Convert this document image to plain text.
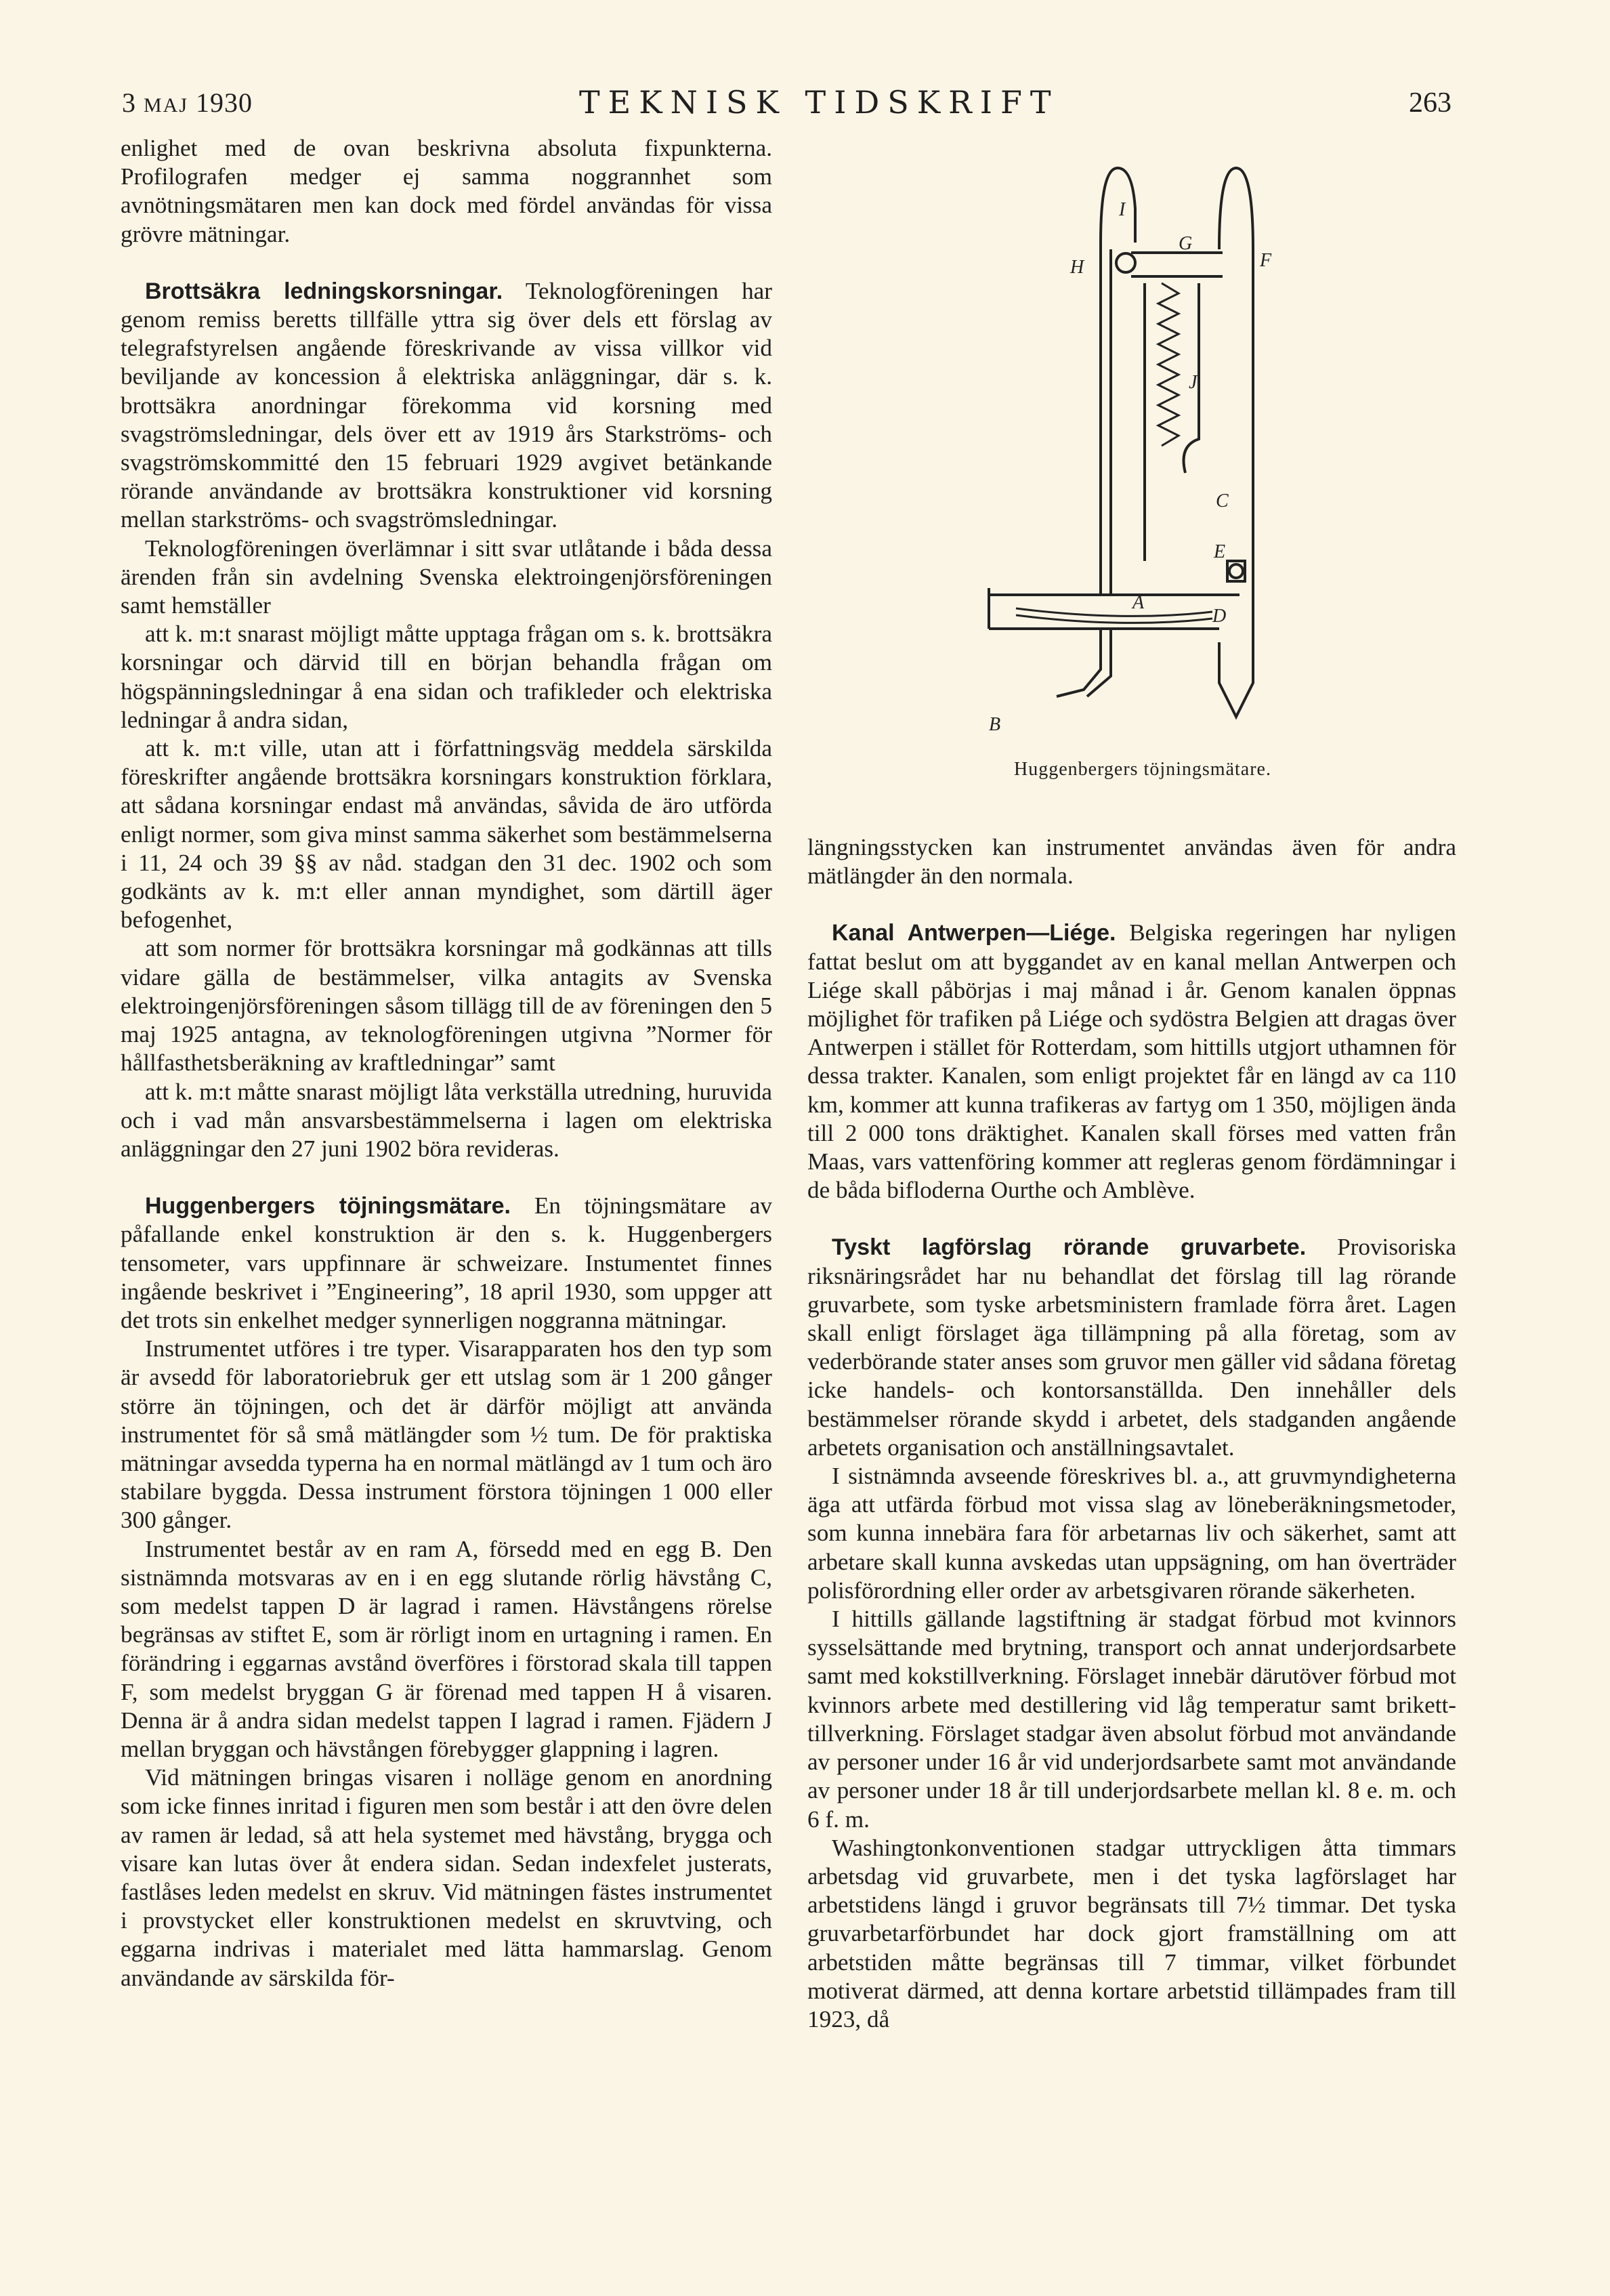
3 MAJ 1930	TEKNISK TIDSKRIFT	263

enlighet med de ovan beskrivna absoluta fixpunkterna. Profilografen medger ej samma noggrannhet som avnötningsmätaren men kan dock med fördel användas för vissa grövre mätningar.

Brottsäkra ledningskorsningar. Teknologföreningen har genom remiss beretts tillfälle yttra sig över dels ett förslag av telegrafstyrelsen angående föreskrivande av vissa villkor vid beviljande av koncession å elektriska anläggningar, där s. k. brottsäkra anordningar förekomma vid korsning med svagströmsledningar, dels över ett av 1919 års Starkströms- och svagströmskommitté den 15 februari 1929 avgivet betänkande rörande användande av brottsäkra konstruktioner vid korsning mellan starkströms- och svagströmsledningar.

Teknologföreningen överlämnar i sitt svar utlåtande i båda dessa ärenden från sin avdelning Svenska elektroingenjörsföreningen samt hemställer

att k. m:t snarast möjligt måtte upptaga frågan om s. k. brottsäkra korsningar och därvid till en början behandla frågan om högspänningsledningar å ena sidan och trafikleder och elektriska ledningar å andra sidan,

att k. m:t ville, utan att i författningsväg meddela särskilda föreskrifter angående brottsäkra korsningars konstruktion förklara, att sådana korsningar endast må användas, såvida de äro utförda enligt normer, som giva minst samma säkerhet som bestämmelserna i 11, 24 och 39 §§ av nåd. stadgan den 31 dec. 1902 och som godkänts av k. m:t eller annan myndighet, som därtill äger befogenhet,

att som normer för brottsäkra korsningar må godkännas att tills vidare gälla de bestämmelser, vilka antagits av Svenska elektroingenjörsföreningen såsom tillägg till de av föreningen den 5 maj 1925 antagna, av teknologföreningen utgivna ”Normer för hållfasthetsberäkning av kraftledningar” samt

att k. m:t måtte snarast möjligt låta verkställa utredning, huruvida och i vad mån ansvarsbestämmelserna i lagen om elektriska anläggningar den 27 juni 1902 böra revideras.

Huggenbergers töjningsmätare. En töjningsmätare av påfallande enkel konstruktion är den s. k. Huggenbergers tensometer, vars uppfinnare är schweizare. Instumentet finnes ingående beskrivet i ”Engineering”, 18 april 1930, som uppger att det trots sin enkelhet medger synnerligen noggranna mätningar.

Instrumentet utföres i tre typer. Visarapparaten hos den typ som är avsedd för laboratoriebruk ger ett utslag som är 1 200 gånger större än töjningen, och det är därför möjligt att använda instrumentet för så små mätlängder som ½ tum. De för praktiska mätningar avsedda typerna ha en normal mätlängd av 1 tum och äro stabilare byggda. Dessa instrument förstora töjningen 1 000 eller 300 gånger.

Instrumentet består av en ram A, försedd med en egg B. Den sistnämnda motsvaras av en i en egg slutande rörlig hävstång C, som medelst tappen D är lagrad i ramen. Hävstångens rörelse begränsas av stiftet E, som är rörligt inom en urtagning i ramen. En förändring i eggarnas avstånd överföres i förstorad skala till tappen F, som medelst bryggan G är förenad med tappen H å visaren. Denna är å andra sidan medelst tappen I lagrad i ramen. Fjädern J mellan bryggan och hävstången förebygger glappning i lagren.

Vid mätningen bringas visaren i nolläge genom en anordning som icke finnes inritad i figuren men som består i att den övre delen av ramen är ledad, så att hela systemet med hävstång, brygga och visare kan lutas över åt endera sidan. Sedan indexfelet justerats, fastlåses leden medelst en skruv. Vid mätningen fästes instrumentet i provstycket eller konstruktionen medelst en skruvtving, och eggarna indrivas i materialet med lätta hammarslag. Genom användande av särskilda för-

I
H
G
F
J
C
E
A
D
B
Huggenbergers töjningsmätare.

längningsstycken kan instrumentet användas även för andra mätlängder än den normala.

Kanal Antwerpen—Liége. Belgiska regeringen har nyligen fattat beslut om att byggandet av en kanal mellan Antwerpen och Liége skall påbörjas i maj månad i år. Genom kanalen öppnas möjlighet för trafiken på Liége och sydöstra Belgien att dragas över Antwerpen i stället för Rotterdam, som hittills utgjort uthamnen för dessa trakter. Kanalen, som enligt projektet får en längd av ca 110 km, kommer att kunna trafikeras av fartyg om 1 350, möjligen ända till 2 000 tons dräktighet. Kanalen skall förses med vatten från Maas, vars vattenföring kommer att regleras genom fördämningar i de båda bifloderna Ourthe och Amblève.

Tyskt lagförslag rörande gruvarbete. Provisoriska riksnäringsrådet har nu behandlat det förslag till lag rörande gruvarbete, som tyske arbetsministern framlade förra året. Lagen skall enligt förslaget äga tillämpning på alla företag, som av vederbörande stater anses som gruvor men gäller vid sådana företag icke handels- och kontorsanställda. Den innehåller dels bestämmelser rörande skydd i arbetet, dels stadganden angående arbetets organisation och anställningsavtalet.

I sistnämnda avseende föreskrives bl. a., att gruvmyndigheterna äga att utfärda förbud mot vissa slag av löneberäkningsmetoder, som kunna innebära fara för arbetarnas liv och säkerhet, samt att arbetare skall kunna avskedas utan uppsägning, om han överträder polisförordning eller order av arbetsgivaren rörande säkerheten.

I hittills gällande lagstiftning är stadgat förbud mot kvinnors sysselsättande med brytning, transport och annat underjordsarbete samt med kokstillverkning. Förslaget innebär därutöver förbud mot kvinnors arbete med destillering vid låg temperatur samt brikett-tillverkning. Förslaget stadgar även absolut förbud mot användande av personer under 16 år vid underjordsarbete samt mot användande av personer under 18 år till underjordsarbete mellan kl. 8 e. m. och 6 f. m.

Washingtonkonventionen stadgar uttryckligen åtta timmars arbetsdag vid gruvarbete, men i det tyska lagförslaget har arbetstidens längd i gruvor begränsats till 7½ timmar. Det tyska gruvarbetarförbundet har dock gjort framställning om att arbetstiden måtte begränsas till 7 timmar, vilket förbundet motiverat därmed, att denna kortare arbetstid tillämpades fram till 1923, då
